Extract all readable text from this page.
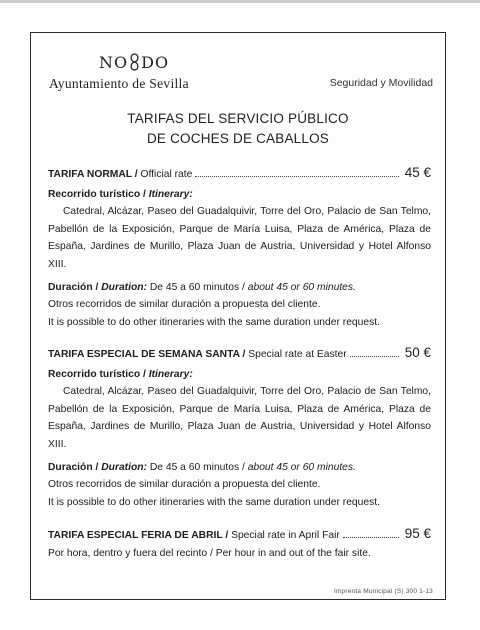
NO DO
Ayuntamiento de Sevilla	Seguridad y Movilidad
TARIFAS DEL SERVICIO PÚBLICO
DE COCHES DE CABALLOS
TARIFA NORMAL / Official rate	45 €
Recorrido turístico / Itinerary:

Catedral, Alcázar, Paseo del Guadalquivir, Torre del Oro, Palacio de San Telmo, Pabellón de la Exposición, Parque de María Luisa, Plaza de América, Plaza de España, Jardines de Murillo, Plaza Juan de Austria, Universidad y Hotel Alfonso XIII.

Duración / Duration: De 45 a 60 minutos / about 45 or 60 minutes.

Otros recorridos de similar duración a propuesta del cliente.

It is possible to do other itineraries with the same duration under request.

TARIFA ESPECIAL DE SEMANA SANTA / Special rate at Easter	50 €
Recorrido turístico / Itinerary:

Catedral, Alcázar, Paseo del Guadalquivir, Torre del Oro, Palacio de San Telmo, Pabellón de la Exposición, Parque de María Luisa, Plaza de América, Plaza de España, Jardines de Murillo, Plaza Juan de Austria, Universidad y Hotel Alfonso XIII.

Duración / Duration: De 45 a 60 minutos / about 45 or 60 minutes.

Otros recorridos de similar duración a propuesta del cliente.

It is possible to do other itineraries with the same duration under request.

TARIFA ESPECIAL FERIA DE ABRIL / Special rate in April Fair	95 €

Por hora, dentro y fuera del recinto / Per hour in and out of the fair site.

Imprenta Municipal (S) 300 1-13
